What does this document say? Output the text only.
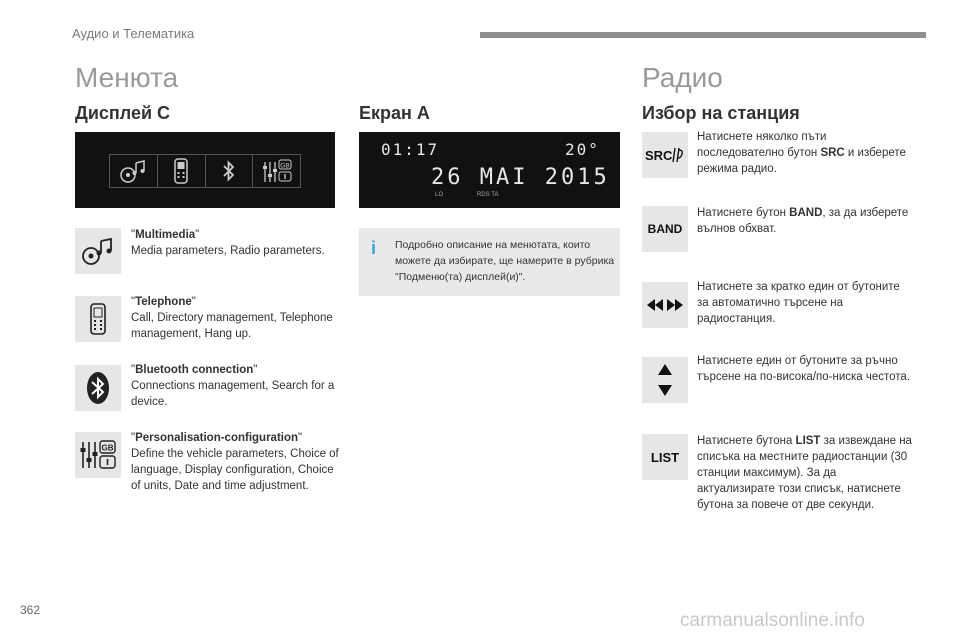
Аудио и Телематика
Менюта
Дисплей C	Екран A
Радио
Избор на станция
GB
"Multimedia"
Media parameters, Radio parameters.
"Telephone"
Call, Directory management, Telephone management, Hang up.
"Bluetooth connection"
Connections management, Search for a device.
GB
"Personalisation-configuration"
Define the vehicle parameters, Choice of language, Display configuration, Choice of units, Date and time adjustment.
01:17	20°
26 MAI 2015
LO	RDS TA
i	Подробно описание на менютата, които можете да избирате, ще намерите в рубрика "Подменю(та) дисплей(и)".
SRC
Натиснете няколко пъти последователно бутон SRC и изберете режима радио.
BAND
Натиснете бутон BAND, за да изберете вълнов обхват.
Натиснете за кратко един от бутоните за автоматично търсене на радиостанция.
Натиснете един от бутоните за ръчно търсене на по-висока/по-ниска честота.
LIST
Натиснете бутона LIST за извеждане на списъка на местните радиостанции (30 станции максимум). За да актуализирате този списък, натиснете бутона за повече от две секунди.
362	carmanualsonline.info
